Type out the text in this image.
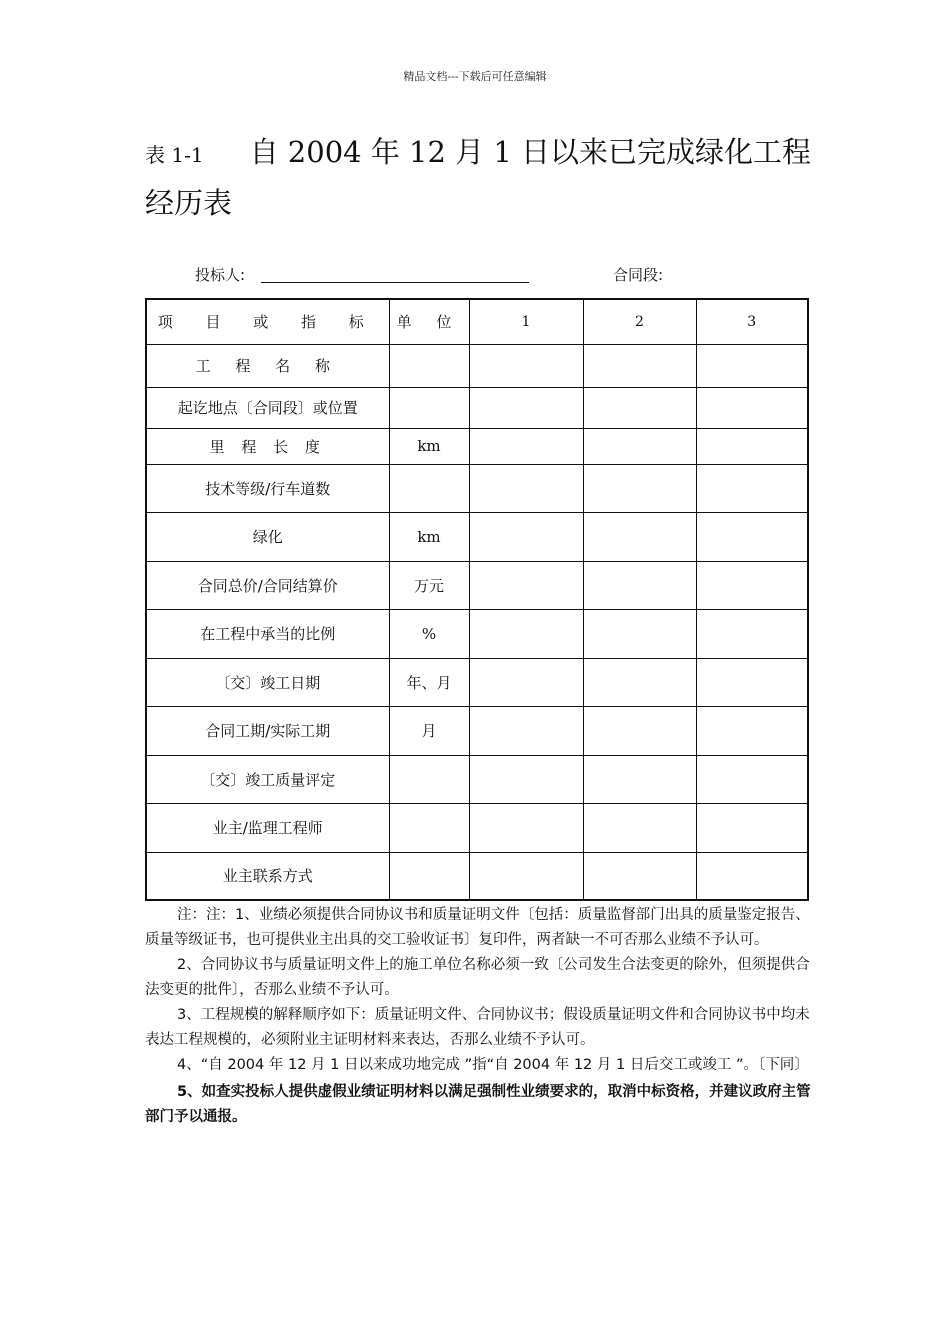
精品文档---下载后可任意编辑
表 1-1 自 2004 年 12 月 1 日以来已完成绿化工程经历表
投标人:	合同段:
项 目 或 指 标	单 位	1	2	3
工 程 名 称				
起讫地点〔合同段〕或位置				
里 程 长 度	km			
技术等级/行车道数				
绿化	km			
合同总价/合同结算价	万元			
在工程中承当的比例	%			
〔交〕竣工日期	年、月			
合同工期/实际工期	月			
〔交〕竣工质量评定				
业主/监理工程师				
业主联系方式				

注：注：1、业绩必须提供合同协议书和质量证明文件〔包括：质量监督部门出具的质量鉴定报告、质量等级证书，也可提供业主出具的交工验收证书〕复印件，两者缺一不可否那么业绩不予认可。

2、合同协议书与质量证明文件上的施工单位名称必须一致〔公司发生合法变更的除外，但须提供合法变更的批件〕，否那么业绩不予认可。

3、工程规模的解释顺序如下：质量证明文件、合同协议书；假设质量证明文件和合同协议书中均未表达工程规模的，必须附业主证明材料来表达，否那么业绩不予认可。

4、“自 2004 年 12 月 1 日以来成功地完成 ”指“自 2004 年 12 月 1 日后交工或竣工 ”。〔下同〕

5、如查实投标人提供虚假业绩证明材料以满足强制性业绩要求的，取消中标资格，并建议政府主管部门予以通报。
